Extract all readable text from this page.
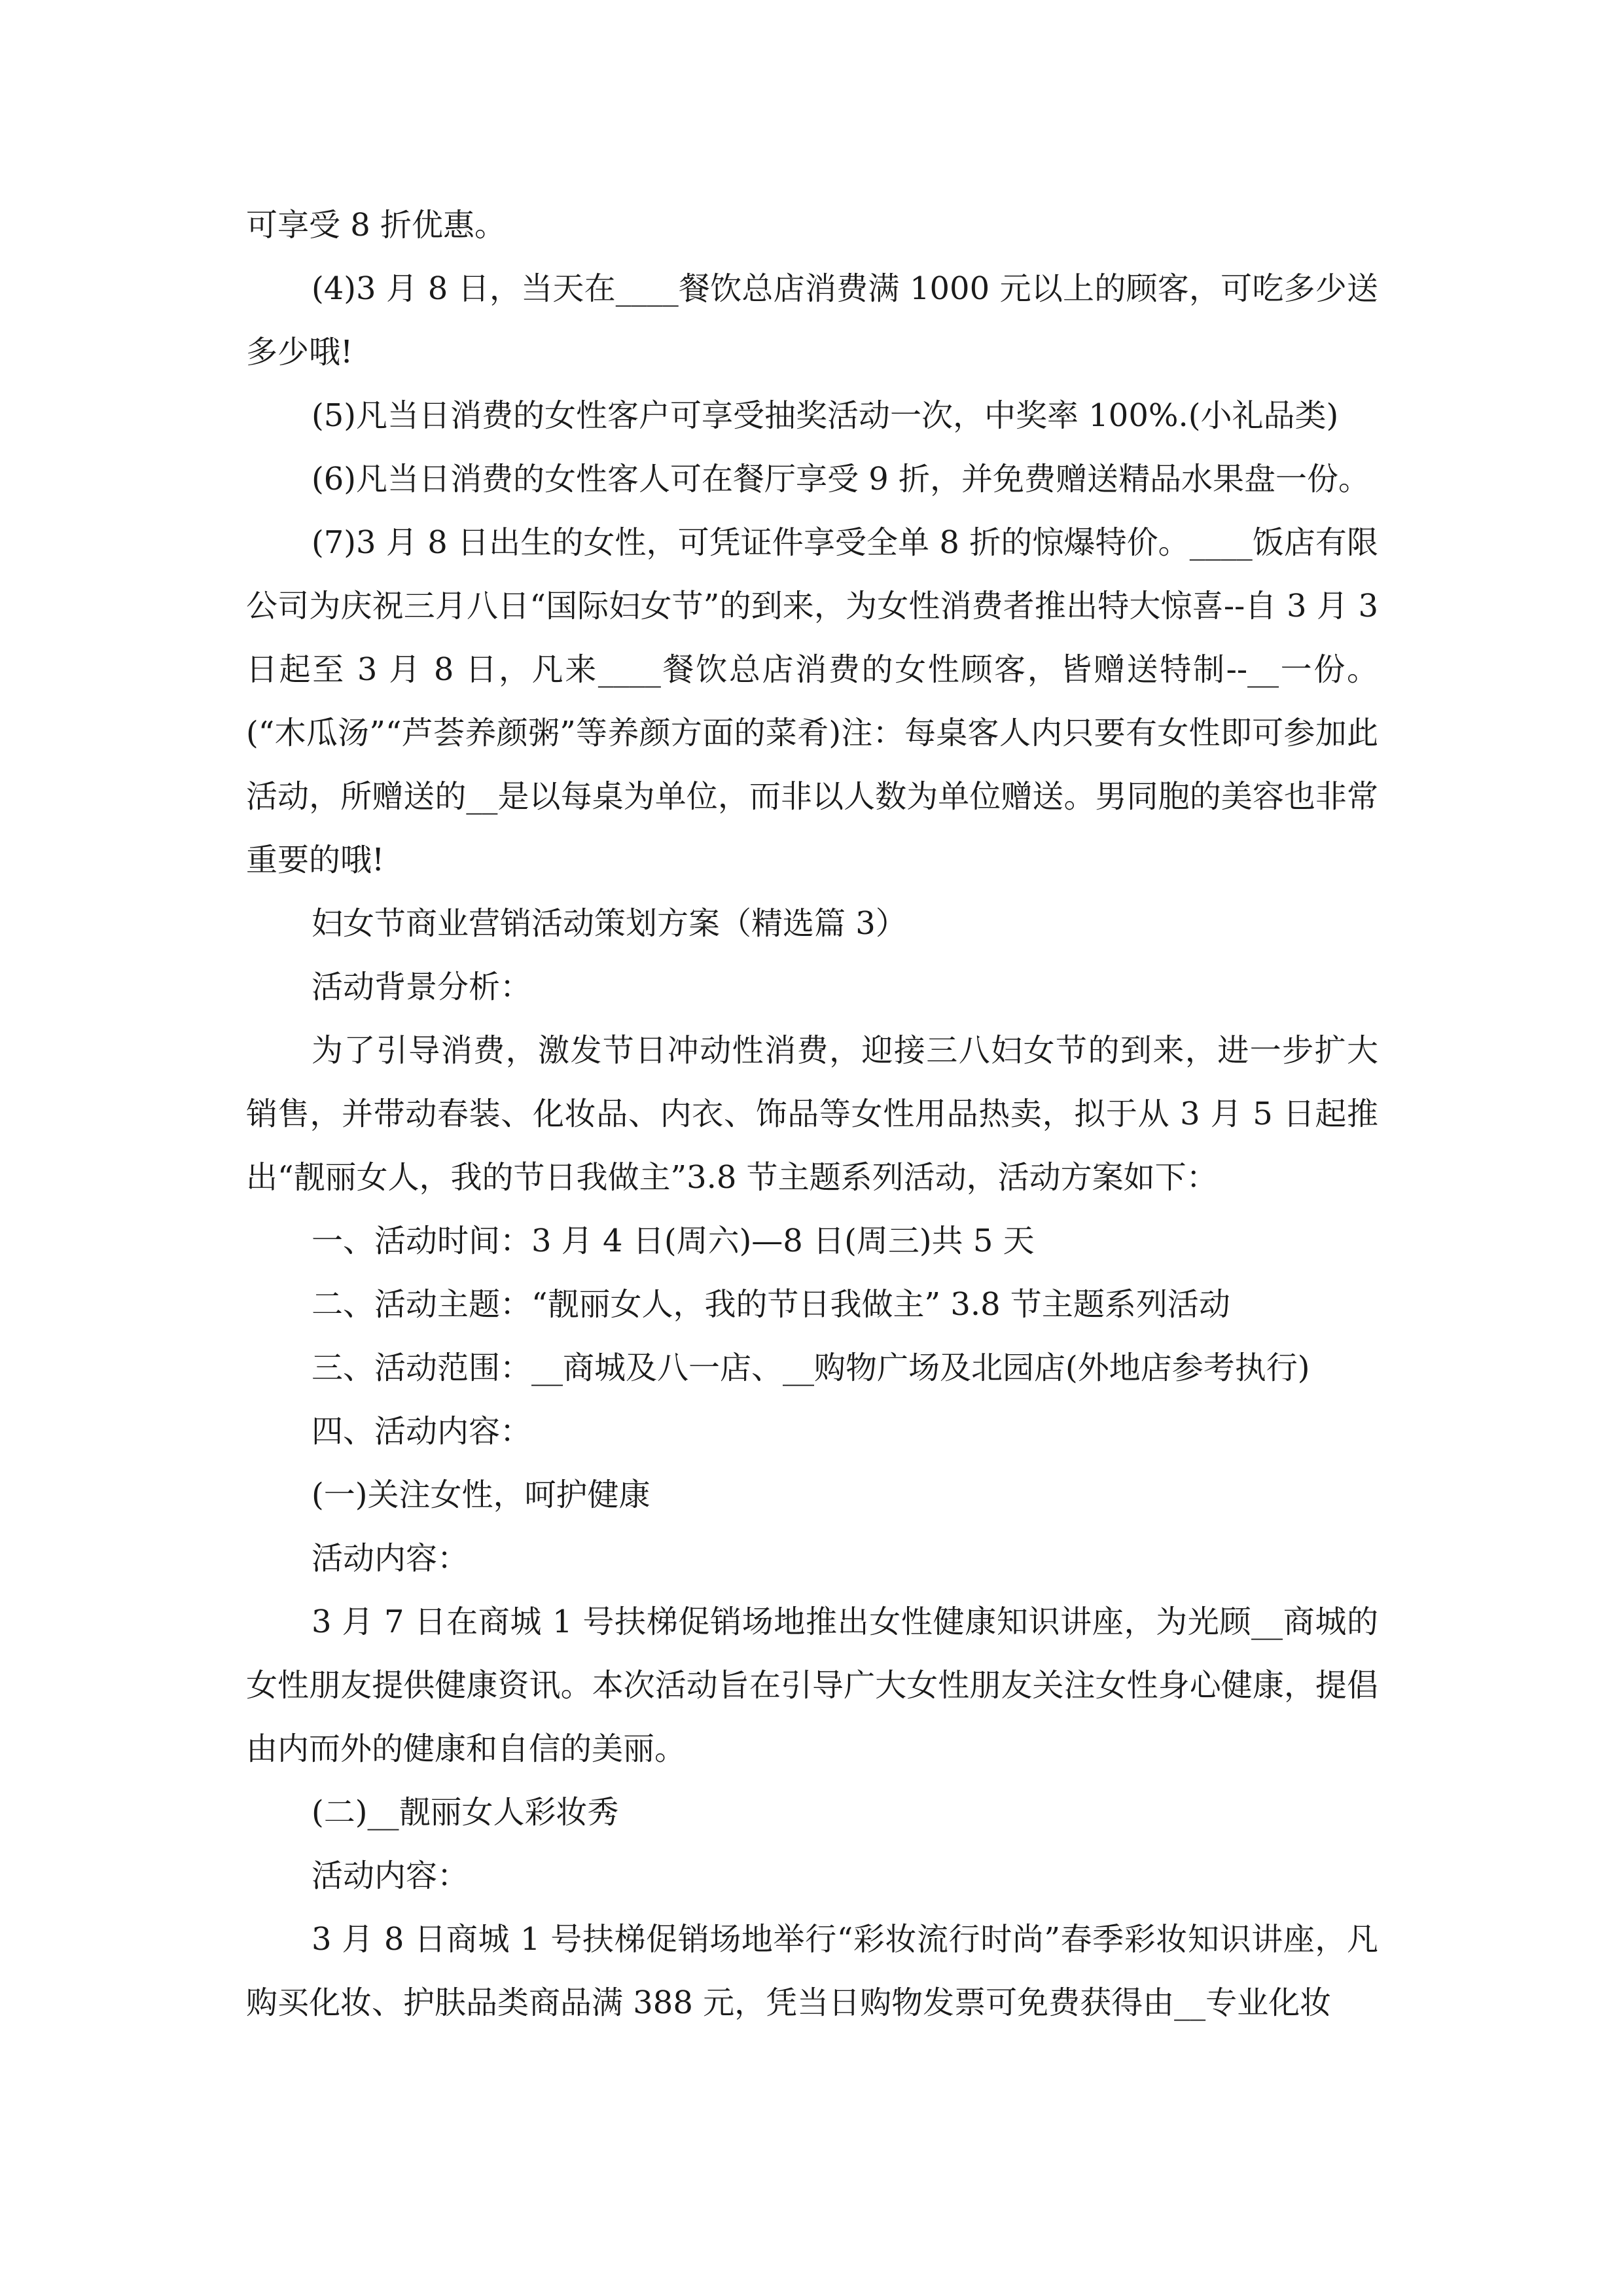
可享受 8 折优惠。

(4)3 月 8 日，当天在____餐饮总店消费满 1000 元以上的顾客，可吃多少送多少哦!

(5)凡当日消费的女性客户可享受抽奖活动一次，中奖率 100%.(小礼品类)

(6)凡当日消费的女性客人可在餐厅享受 9 折，并免费赠送精品水果盘一份。

(7)3 月 8 日出生的女性，可凭证件享受全单 8 折的惊爆特价。____饭店有限公司为庆祝三月八日“国际妇女节”的到来，为女性消费者推出特大惊喜--自 3 月 3 日起至 3 月 8 日，凡来____餐饮总店消费的女性顾客，皆赠送特制--__一份。(“木瓜汤”“芦荟养颜粥”等养颜方面的菜肴)注：每桌客人内只要有女性即可参加此活动，所赠送的__是以每桌为单位，而非以人数为单位赠送。男同胞的美容也非常重要的哦!

妇女节商业营销活动策划方案（精选篇 3）

活动背景分析：

为了引导消费，激发节日冲动性消费，迎接三八妇女节的到来，进一步扩大销售，并带动春装、化妆品、内衣、饰品等女性用品热卖，拟于从 3 月 5 日起推出“靓丽女人，我的节日我做主”3.8 节主题系列活动，活动方案如下：

一、活动时间：3 月 4 日(周六)—8 日(周三)共 5 天

二、活动主题：“靓丽女人，我的节日我做主” 3.8 节主题系列活动

三、活动范围：__商城及八一店、__购物广场及北园店(外地店参考执行)

四、活动内容：

(一)关注女性，呵护健康

活动内容：

3 月 7 日在商城 1 号扶梯促销场地推出女性健康知识讲座，为光顾__商城的女性朋友提供健康资讯。本次活动旨在引导广大女性朋友关注女性身心健康，提倡由内而外的健康和自信的美丽。

(二)__靓丽女人彩妆秀

活动内容：

3 月 8 日商城 1 号扶梯促销场地举行“彩妆流行时尚”春季彩妆知识讲座，凡购买化妆、护肤品类商品满 388 元，凭当日购物发票可免费获得由__专业化妆
